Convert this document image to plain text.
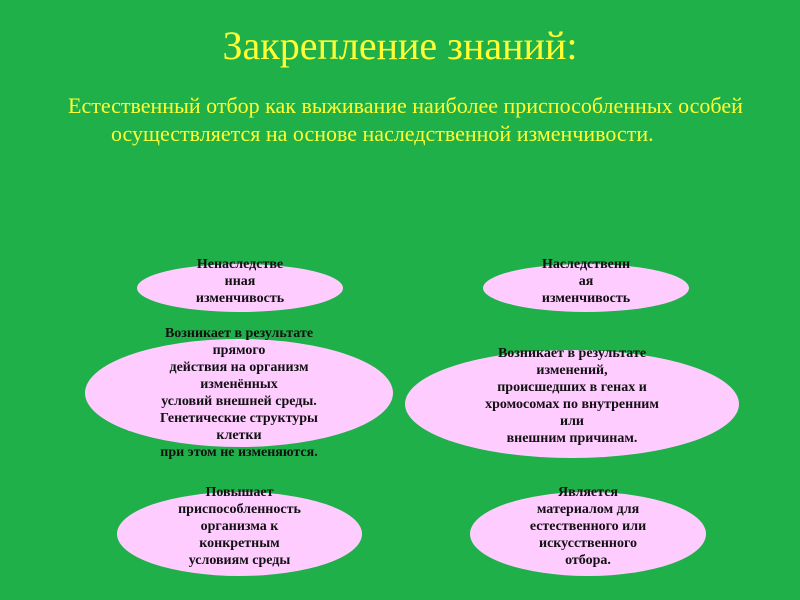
Закрепление знаний:
Естественный отбор как выживание наиболее приспособленных особей осуществляется на основе наследственной изменчивости.
Ненаследстве
нная
изменчивость
Возникает в результате
прямого
действия на организм
изменённых
условий внешней среды.
Генетические структуры
клетки
при этом не изменяются.
Повышает
приспособленность
организма к
конкретным
условиям среды
Наследственн
ая
изменчивость
Возникает в результате
изменений,
происшедших в генах и
хромосомах по внутренним
или
внешним причинам.
Является
материалом для
естественного или
искусственного
отбора.
